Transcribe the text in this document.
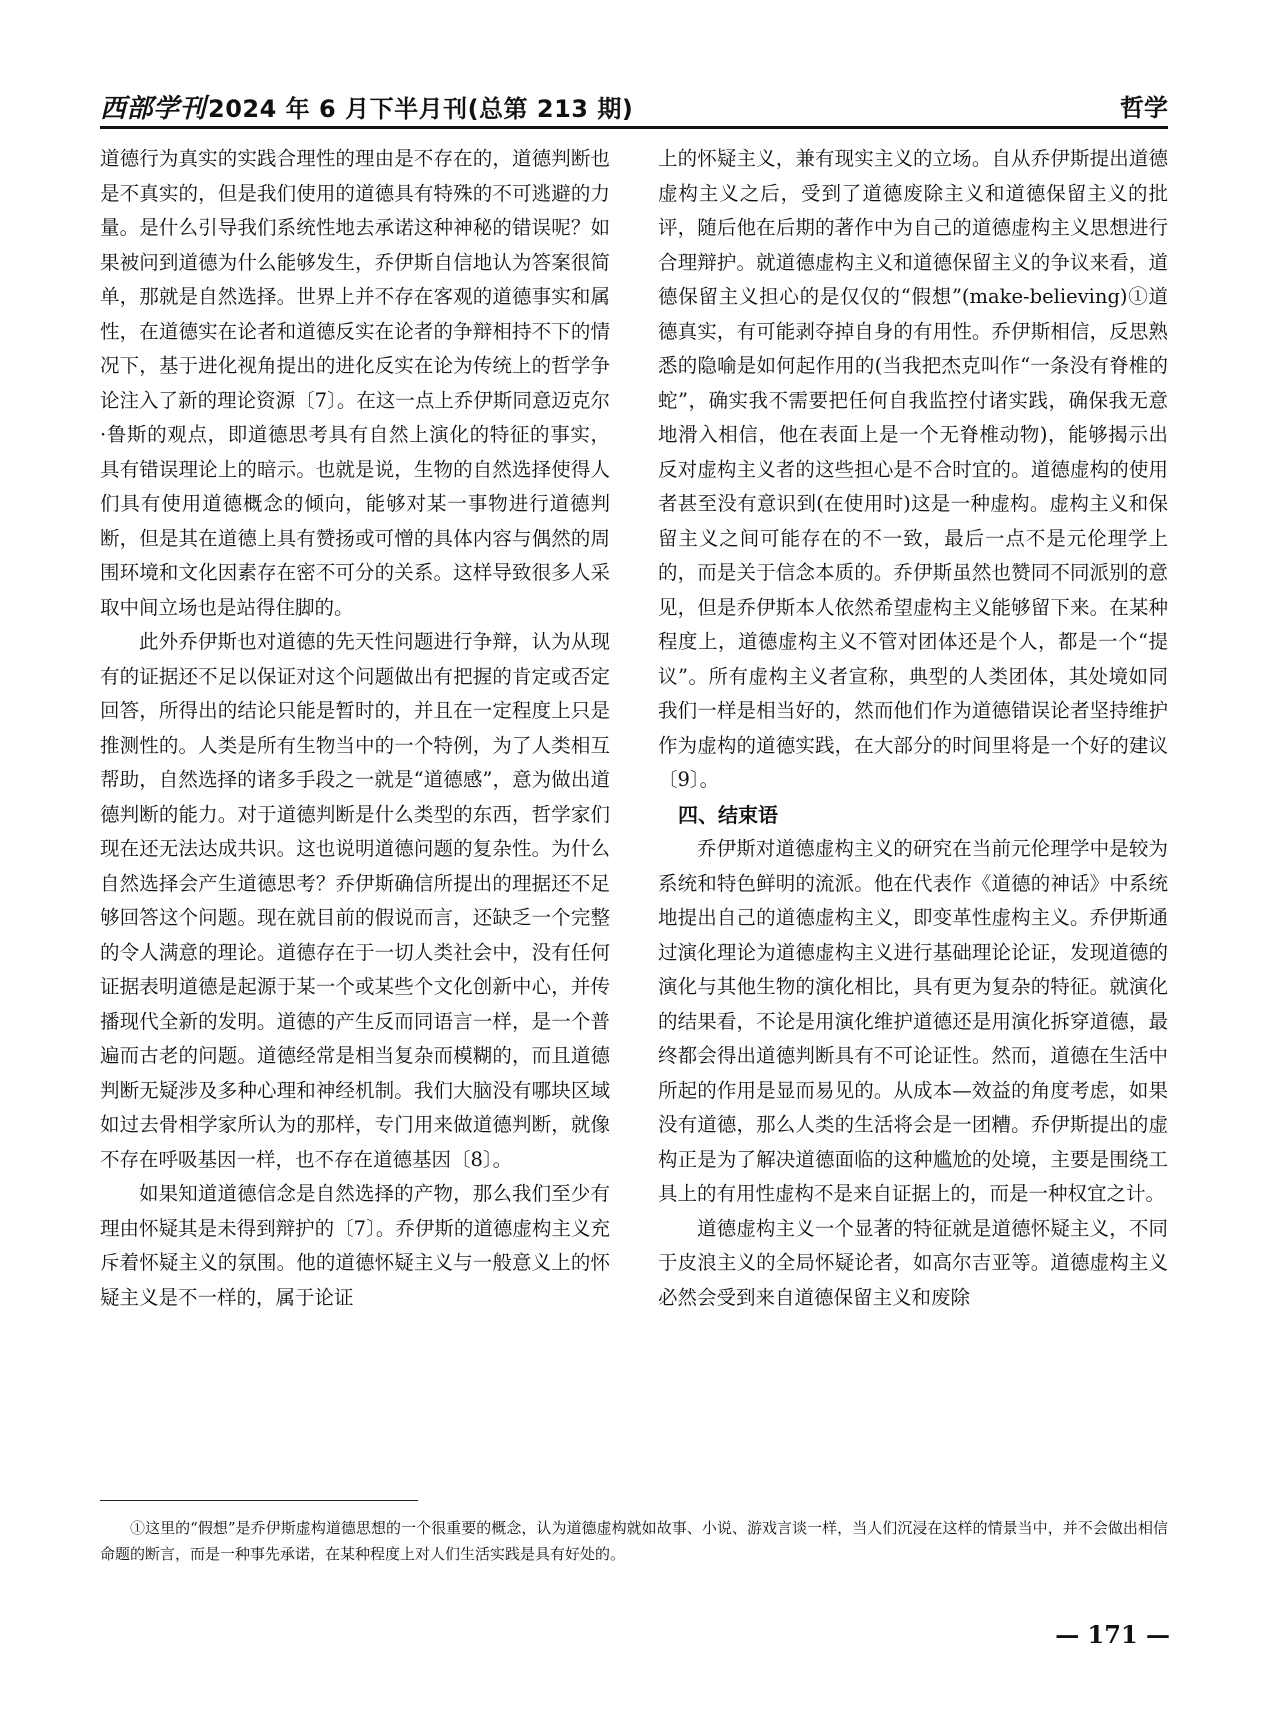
西部学刊2024 年 6 月下半月刊(总第 213 期)	哲学

道德行为真实的实践合理性的理由是不存在的，道德判断也是不真实的，但是我们使用的道德具有特殊的不可逃避的力量。是什么引导我们系统性地去承诺这种神秘的错误呢？如果被问到道德为什么能够发生，乔伊斯自信地认为答案很简单，那就是自然选择。世界上并不存在客观的道德事实和属性，在道德实在论者和道德反实在论者的争辩相持不下的情况下，基于进化视角提出的进化反实在论为传统上的哲学争论注入了新的理论资源〔7〕。在这一点上乔伊斯同意迈克尔·鲁斯的观点，即道德思考具有自然上演化的特征的事实，具有错误理论上的暗示。也就是说，生物的自然选择使得人们具有使用道德概念的倾向，能够对某一事物进行道德判断，但是其在道德上具有赞扬或可憎的具体内容与偶然的周围环境和文化因素存在密不可分的关系。这样导致很多人采取中间立场也是站得住脚的。

此外乔伊斯也对道德的先天性问题进行争辩，认为从现有的证据还不足以保证对这个问题做出有把握的肯定或否定回答，所得出的结论只能是暂时的，并且在一定程度上只是推测性的。人类是所有生物当中的一个特例，为了人类相互帮助，自然选择的诸多手段之一就是“道德感”，意为做出道德判断的能力。对于道德判断是什么类型的东西，哲学家们现在还无法达成共识。这也说明道德问题的复杂性。为什么自然选择会产生道德思考？乔伊斯确信所提出的理据还不足够回答这个问题。现在就目前的假说而言，还缺乏一个完整的令人满意的理论。道德存在于一切人类社会中，没有任何证据表明道德是起源于某一个或某些个文化创新中心，并传播现代全新的发明。道德的产生反而同语言一样，是一个普遍而古老的问题。道德经常是相当复杂而模糊的，而且道德判断无疑涉及多种心理和神经机制。我们大脑没有哪块区域如过去骨相学家所认为的那样，专门用来做道德判断，就像不存在呼吸基因一样，也不存在道德基因〔8〕。

如果知道道德信念是自然选择的产物，那么我们至少有理由怀疑其是未得到辩护的〔7〕。乔伊斯的道德虚构主义充斥着怀疑主义的氛围。他的道德怀疑主义与一般意义上的怀疑主义是不一样的，属于论证

上的怀疑主义，兼有现实主义的立场。自从乔伊斯提出道德虚构主义之后，受到了道德废除主义和道德保留主义的批评，随后他在后期的著作中为自己的道德虚构主义思想进行合理辩护。就道德虚构主义和道德保留主义的争议来看，道德保留主义担心的是仅仅的“假想”(make-believing)①道德真实，有可能剥夺掉自身的有用性。乔伊斯相信，反思熟悉的隐喻是如何起作用的(当我把杰克叫作“一条没有脊椎的蛇”，确实我不需要把任何自我监控付诸实践，确保我无意地滑入相信，他在表面上是一个无脊椎动物)，能够揭示出反对虚构主义者的这些担心是不合时宜的。道德虚构的使用者甚至没有意识到(在使用时)这是一种虚构。虚构主义和保留主义之间可能存在的不一致，最后一点不是元伦理学上的，而是关于信念本质的。乔伊斯虽然也赞同不同派别的意见，但是乔伊斯本人依然希望虚构主义能够留下来。在某种程度上，道德虚构主义不管对团体还是个人，都是一个“提议”。所有虚构主义者宣称，典型的人类团体，其处境如同我们一样是相当好的，然而他们作为道德错误论者坚持维护作为虚构的道德实践，在大部分的时间里将是一个好的建议〔9〕。

四、结束语

乔伊斯对道德虚构主义的研究在当前元伦理学中是较为系统和特色鲜明的流派。他在代表作《道德的神话》中系统地提出自己的道德虚构主义，即变革性虚构主义。乔伊斯通过演化理论为道德虚构主义进行基础理论论证，发现道德的演化与其他生物的演化相比，具有更为复杂的特征。就演化的结果看，不论是用演化维护道德还是用演化拆穿道德，最终都会得出道德判断具有不可论证性。然而，道德在生活中所起的作用是显而易见的。从成本—效益的角度考虑，如果没有道德，那么人类的生活将会是一团糟。乔伊斯提出的虚构正是为了解决道德面临的这种尴尬的处境，主要是围绕工具上的有用性虚构不是来自证据上的，而是一种权宜之计。

道德虚构主义一个显著的特征就是道德怀疑主义，不同于皮浪主义的全局怀疑论者，如高尔吉亚等。道德虚构主义必然会受到来自道德保留主义和废除

①这里的“假想”是乔伊斯虚构道德思想的一个很重要的概念，认为道德虚构就如故事、小说、游戏言谈一样，当人们沉浸在这样的情景当中，并不会做出相信命题的断言，而是一种事先承诺，在某种程度上对人们生活实践是具有好处的。

— 171 —
